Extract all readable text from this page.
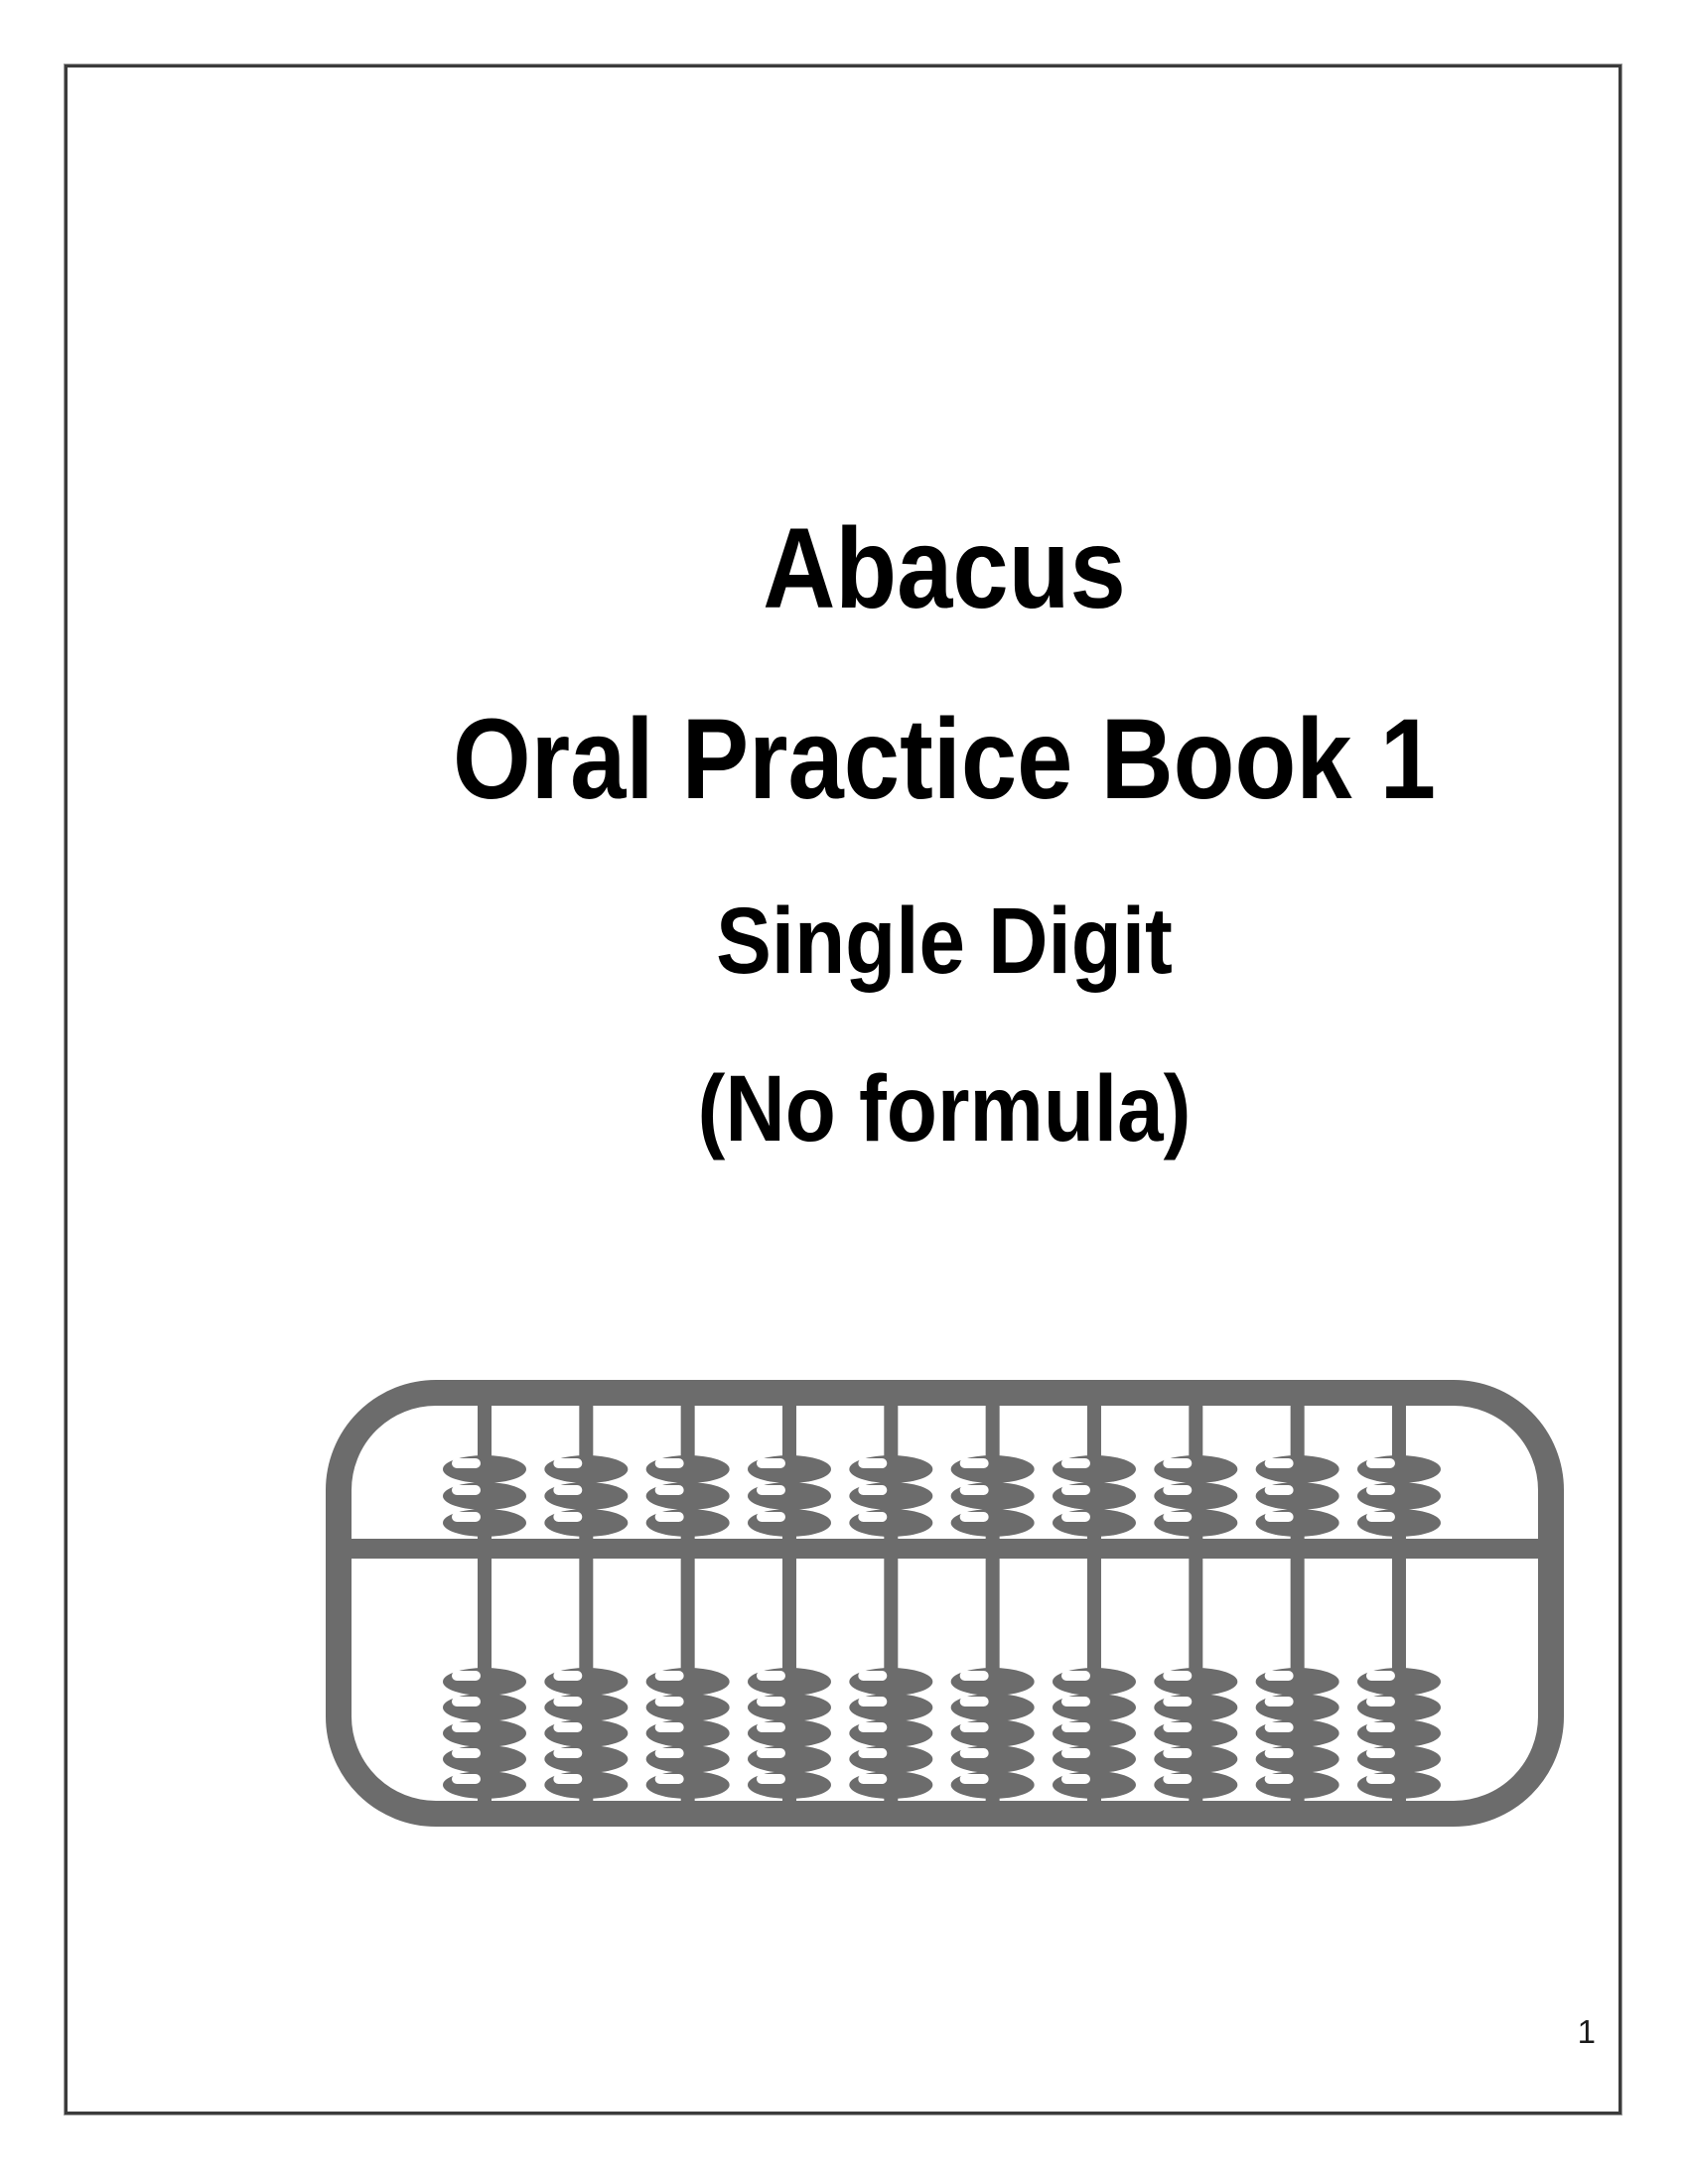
Abacus
Oral Practice Book 1
Single Digit
(No formula)
1
